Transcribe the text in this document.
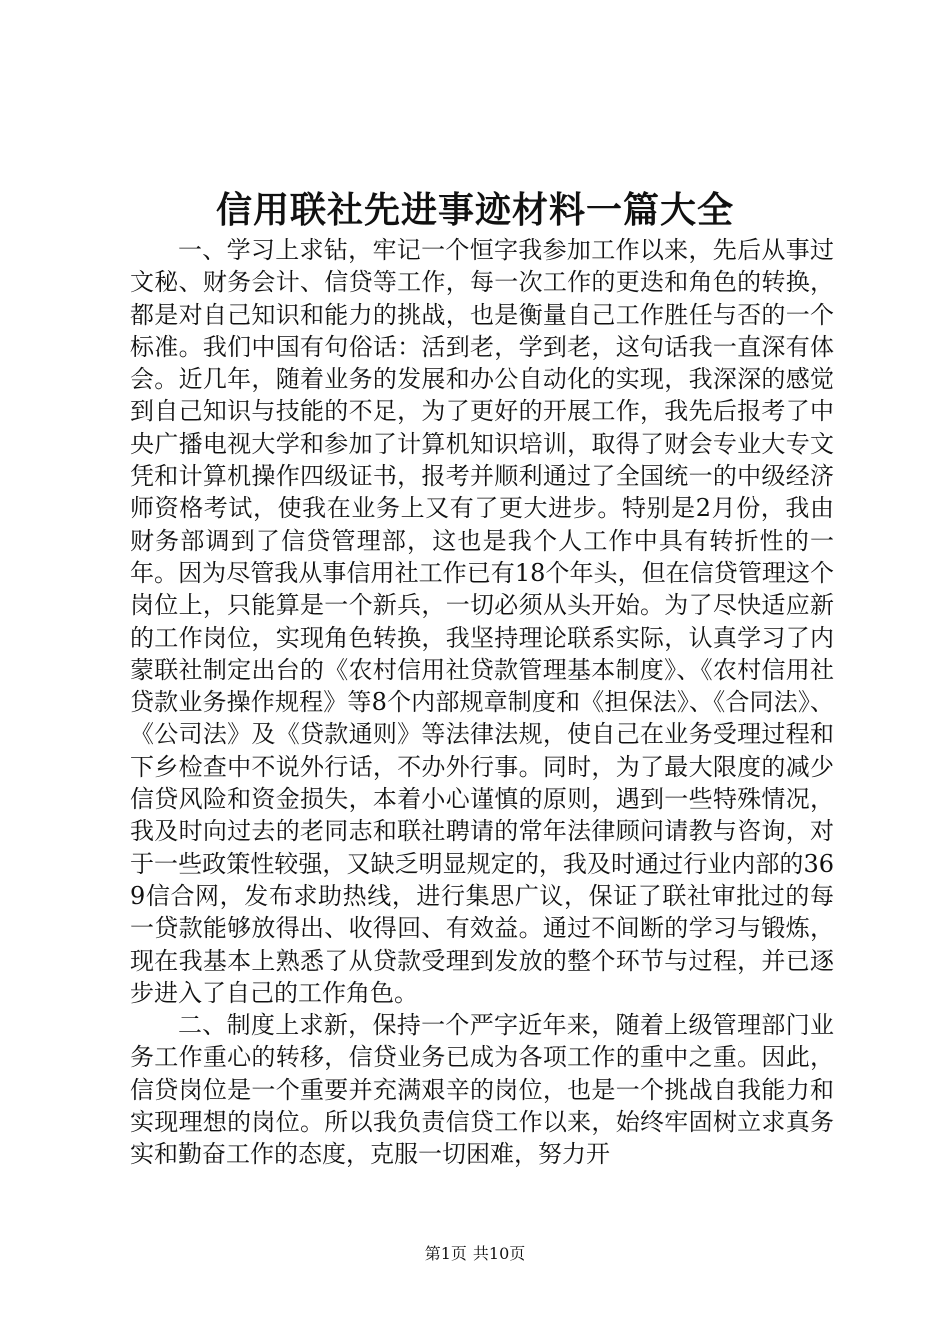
信用联社先进事迹材料一篇大全

一、学习上求钻，牢记一个恒字我参加工作以来，先后从事过文秘、财务会计、信贷等工作，每一次工作的更迭和角色的转换，都是对自己知识和能力的挑战，也是衡量自己工作胜任与否的一个标准。我们中国有句俗话：活到老，学到老，这句话我一直深有体会。近几年，随着业务的发展和办公自动化的实现，我深深的感觉到自己知识与技能的不足，为了更好的开展工作，我先后报考了中央广播电视大学和参加了计算机知识培训，取得了财会专业大专文凭和计算机操作四级证书，报考并顺利通过了全国统一的中级经济师资格考试，使我在业务上又有了更大进步。特别是2月份，我由财务部调到了信贷管理部，这也是我个人工作中具有转折性的一年。因为尽管我从事信用社工作已有18个年头，但在信贷管理这个岗位上，只能算是一个新兵，一切必须从头开始。为了尽快适应新的工作岗位，实现角色转换，我坚持理论联系实际，认真学习了内蒙联社制定出台的《农村信用社贷款管理基本制度》、《农村信用社贷款业务操作规程》等8个内部规章制度和《担保法》、《合同法》、《公司法》及《贷款通则》等法律法规，使自己在业务受理过程和下乡检查中不说外行话，不办外行事。同时，为了最大限度的减少信贷风险和资金损失，本着小心谨慎的原则，遇到一些特殊情况，我及时向过去的老同志和联社聘请的常年法律顾问请教与咨询，对于一些政策性较强，又缺乏明显规定的，我及时通过行业内部的369信合网，发布求助热线，进行集思广议，保证了联社审批过的每一贷款能够放得出、收得回、有效益。通过不间断的学习与锻炼，现在我基本上熟悉了从贷款受理到发放的整个环节与过程，并已逐步进入了自己的工作角色。

二、制度上求新，保持一个严字近年来，随着上级管理部门业务工作重心的转移，信贷业务已成为各项工作的重中之重。因此，信贷岗位是一个重要并充满艰辛的岗位，也是一个挑战自我能力和实现理想的岗位。所以我负责信贷工作以来，始终牢固树立求真务实和勤奋工作的态度，克服一切困难，努力开

第1页 共10页
